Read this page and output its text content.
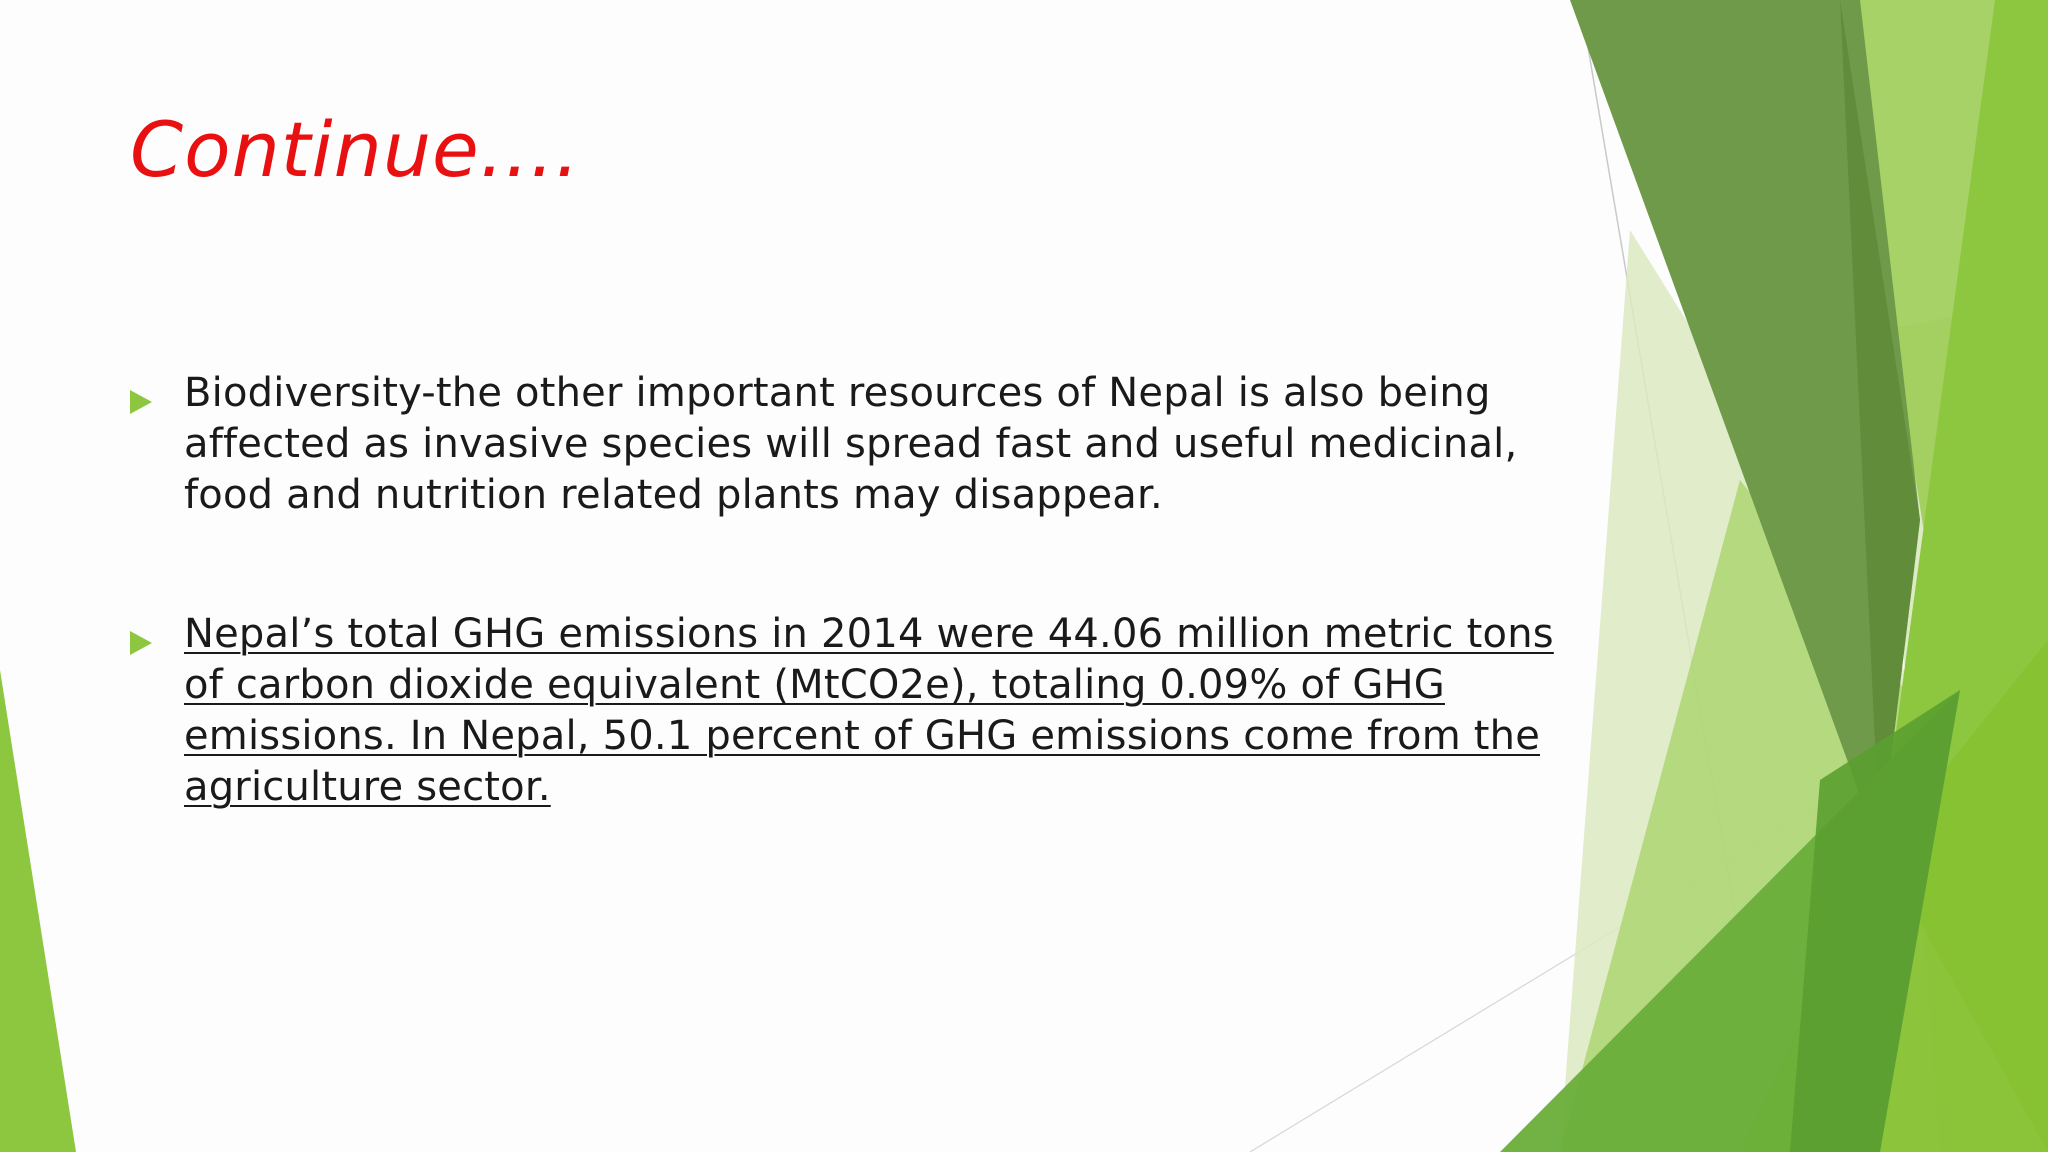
Continue....

Biodiversity-the other important resources of Nepal is also being affected as invasive species will spread fast and useful medicinal, food and nutrition related plants may disappear.

Nepal’s total GHG emissions in 2014 were 44.06 million metric tons of carbon dioxide equivalent (MtCO2e), totaling 0.09% of GHG emissions. In Nepal, 50.1 percent of GHG emissions come from the agriculture sector.
